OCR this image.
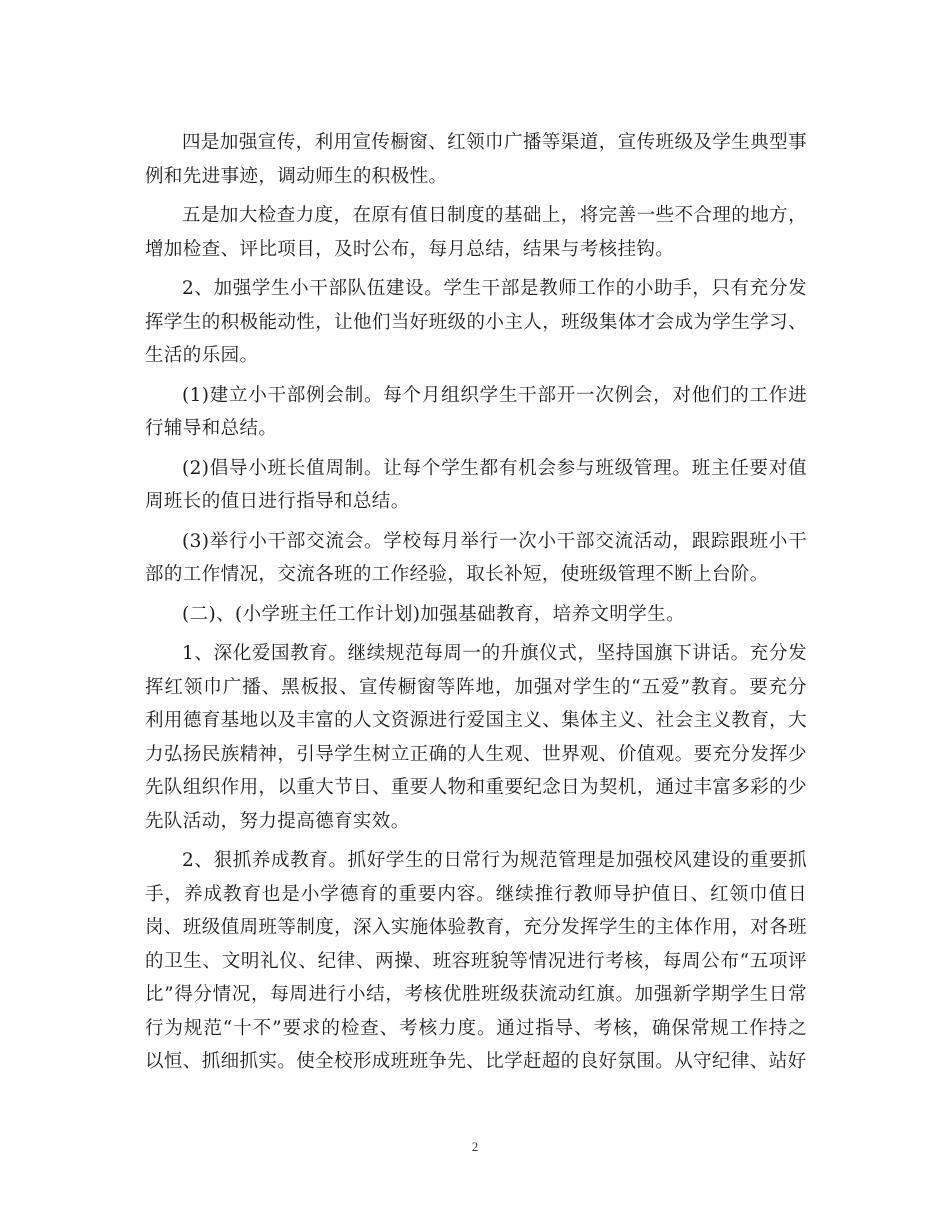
四是加强宣传，利用宣传橱窗、红领巾广播等渠道，宣传班级及学生典型事例和先进事迹，调动师生的积极性。

五是加大检查力度，在原有值日制度的基础上，将完善一些不合理的地方，增加检查、评比项目，及时公布，每月总结，结果与考核挂钩。

2、加强学生小干部队伍建设。学生干部是教师工作的小助手，只有充分发挥学生的积极能动性，让他们当好班级的小主人，班级集体才会成为学生学习、生活的乐园。

(1)建立小干部例会制。每个月组织学生干部开一次例会，对他们的工作进行辅导和总结。

(2)倡导小班长值周制。让每个学生都有机会参与班级管理。班主任要对值周班长的值日进行指导和总结。

(3)举行小干部交流会。学校每月举行一次小干部交流活动，跟踪跟班小干部的工作情况，交流各班的工作经验，取长补短，使班级管理不断上台阶。

(二)、(小学班主任工作计划)加强基础教育，培养文明学生。

1、深化爱国教育。继续规范每周一的升旗仪式，坚持国旗下讲话。充分发挥红领巾广播、黑板报、宣传橱窗等阵地，加强对学生的“五爱”教育。要充分利用德育基地以及丰富的人文资源进行爱国主义、集体主义、社会主义教育，大力弘扬民族精神，引导学生树立正确的人生观、世界观、价值观。要充分发挥少先队组织作用，以重大节日、重要人物和重要纪念日为契机，通过丰富多彩的少先队活动，努力提高德育实效。

2、狠抓养成教育。抓好学生的日常行为规范管理是加强校风建设的重要抓手，养成教育也是小学德育的重要内容。继续推行教师导护值日、红领巾值日岗、班级值周班等制度，深入实施体验教育，充分发挥学生的主体作用，对各班的卫生、文明礼仪、纪律、两操、班容班貌等情况进行考核，每周公布“五项评比”得分情况，每周进行小结，考核优胜班级获流动红旗。加强新学期学生日常行为规范“十不”要求的检查、考核力度。通过指导、考核，确保常规工作持之以恒、抓细抓实。使全校形成班班争先、比学赶超的良好氛围。从守纪律、站好

2
